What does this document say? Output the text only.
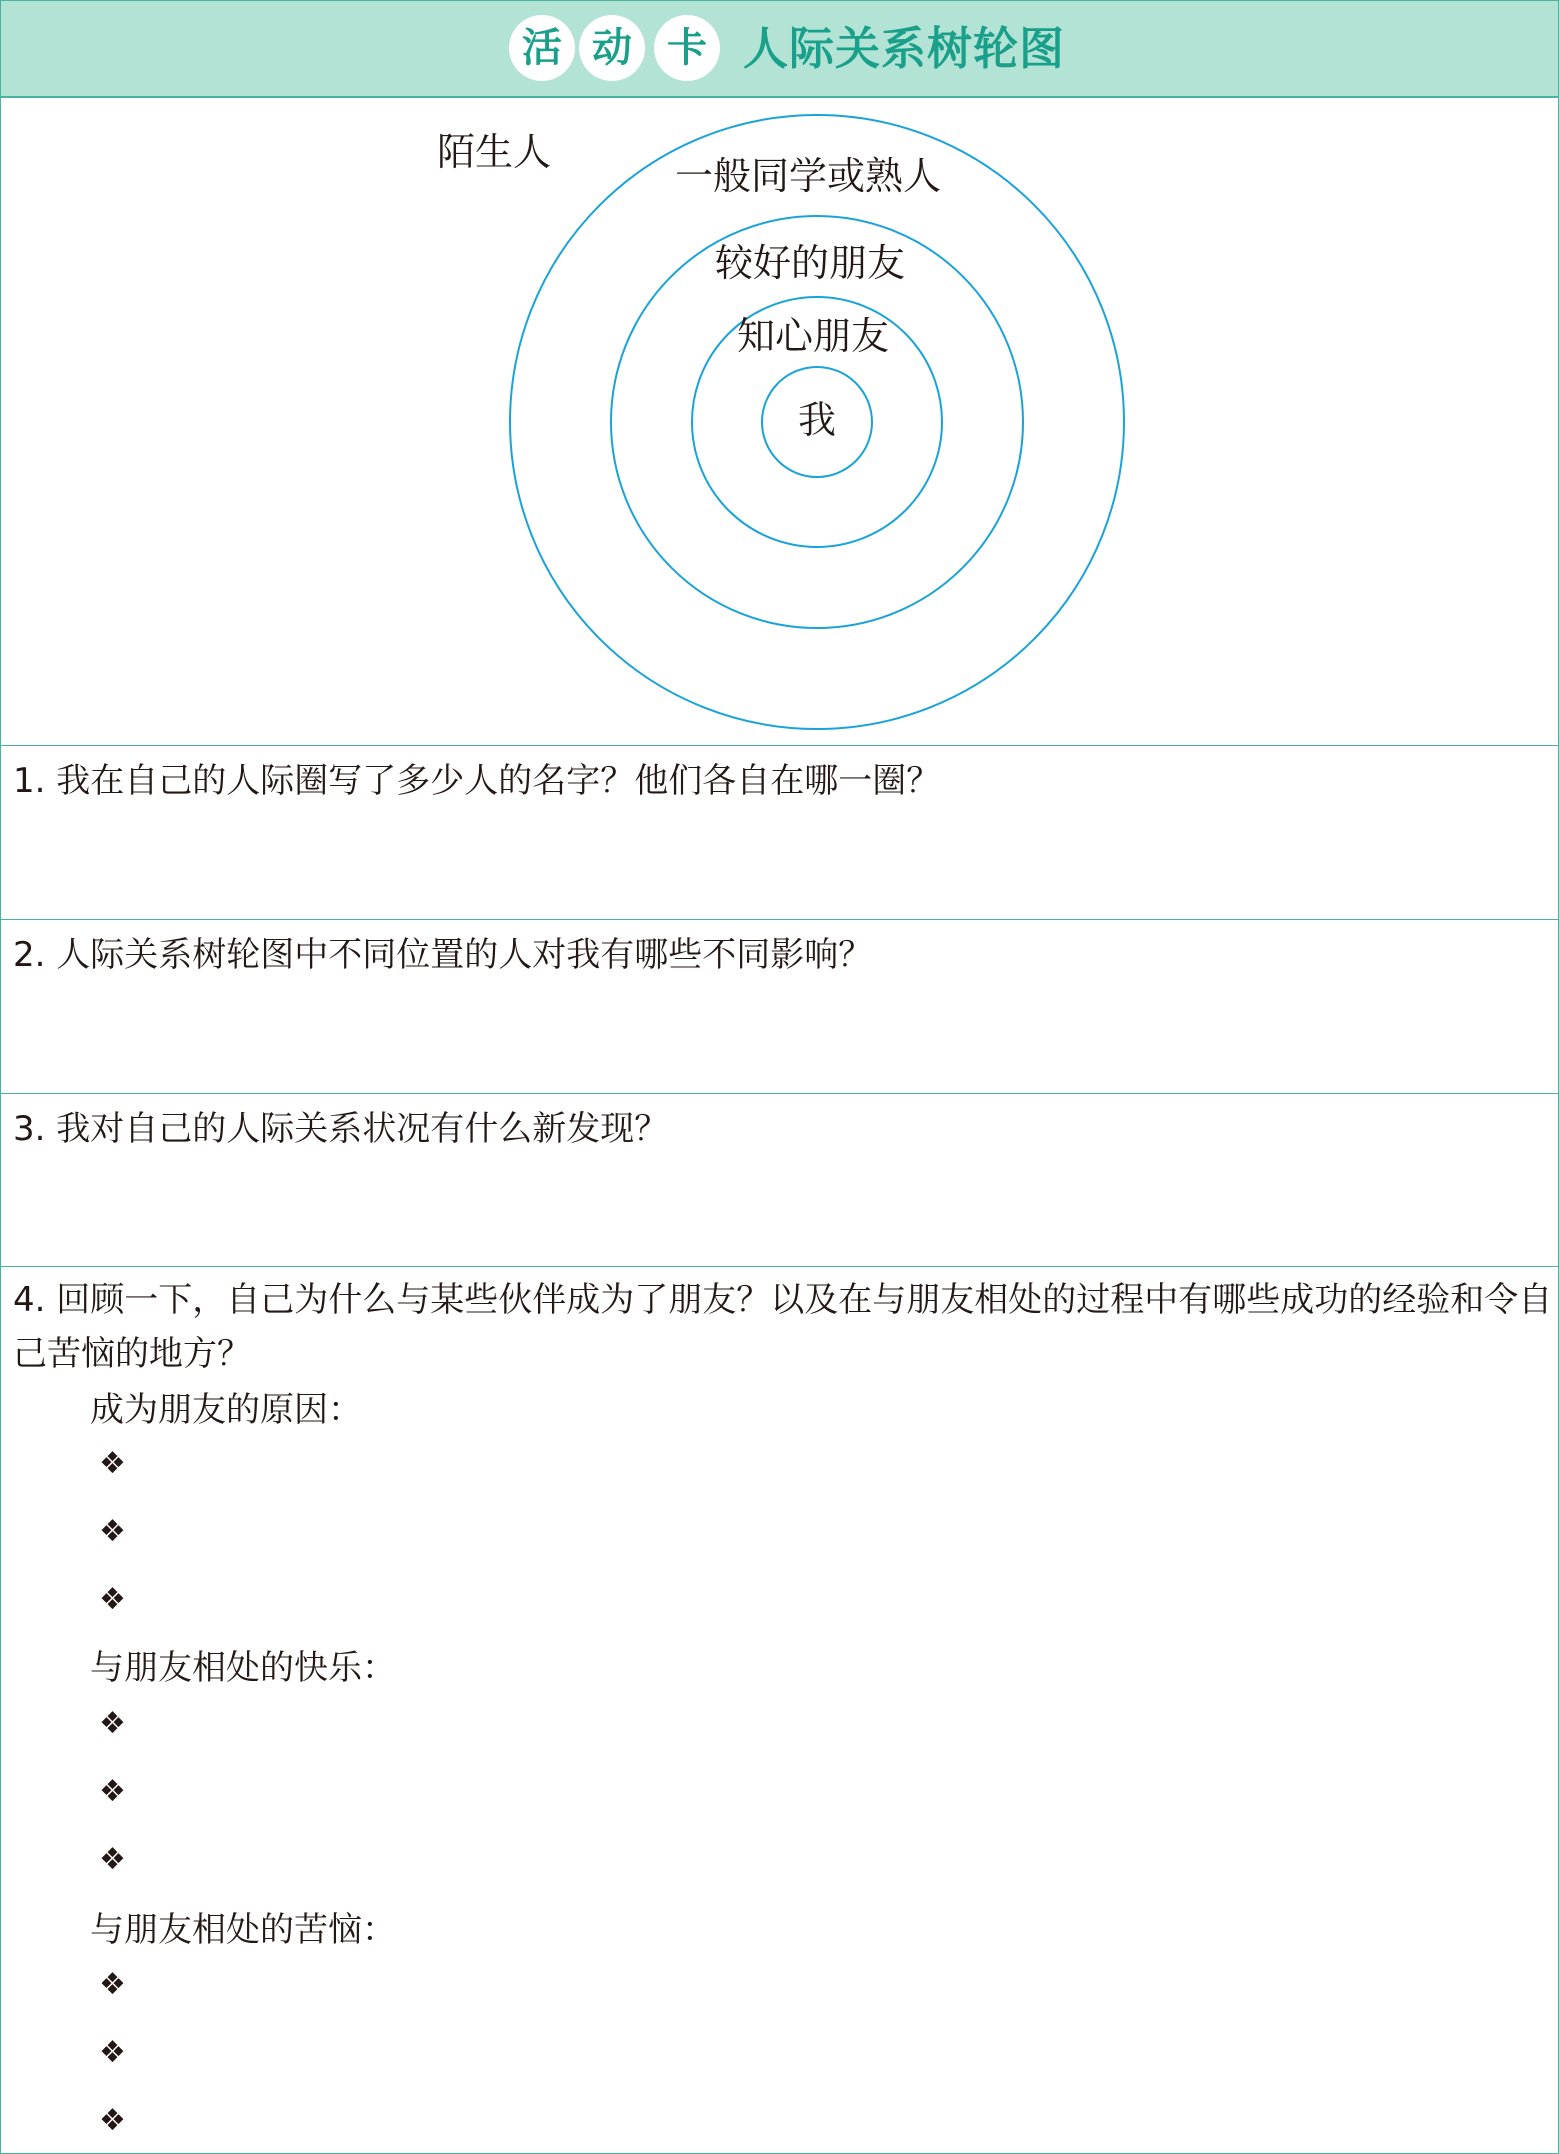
活 动 卡 人际关系树轮图
陌生人
一般同学或熟人
较好的朋友
知心朋友
我
1. 我在自己的人际圈写了多少人的名字？他们各自在哪一圈？
2. 人际关系树轮图中不同位置的人对我有哪些不同影响？
3. 我对自己的人际关系状况有什么新发现？
4. 回顾一下，自己为什么与某些伙伴成为了朋友？以及在与朋友相处的过程中有哪些成功的经验和令自己苦恼的地方？
成为朋友的原因：
❖
❖
❖
与朋友相处的快乐：
❖
❖
❖
与朋友相处的苦恼：
❖
❖
❖
